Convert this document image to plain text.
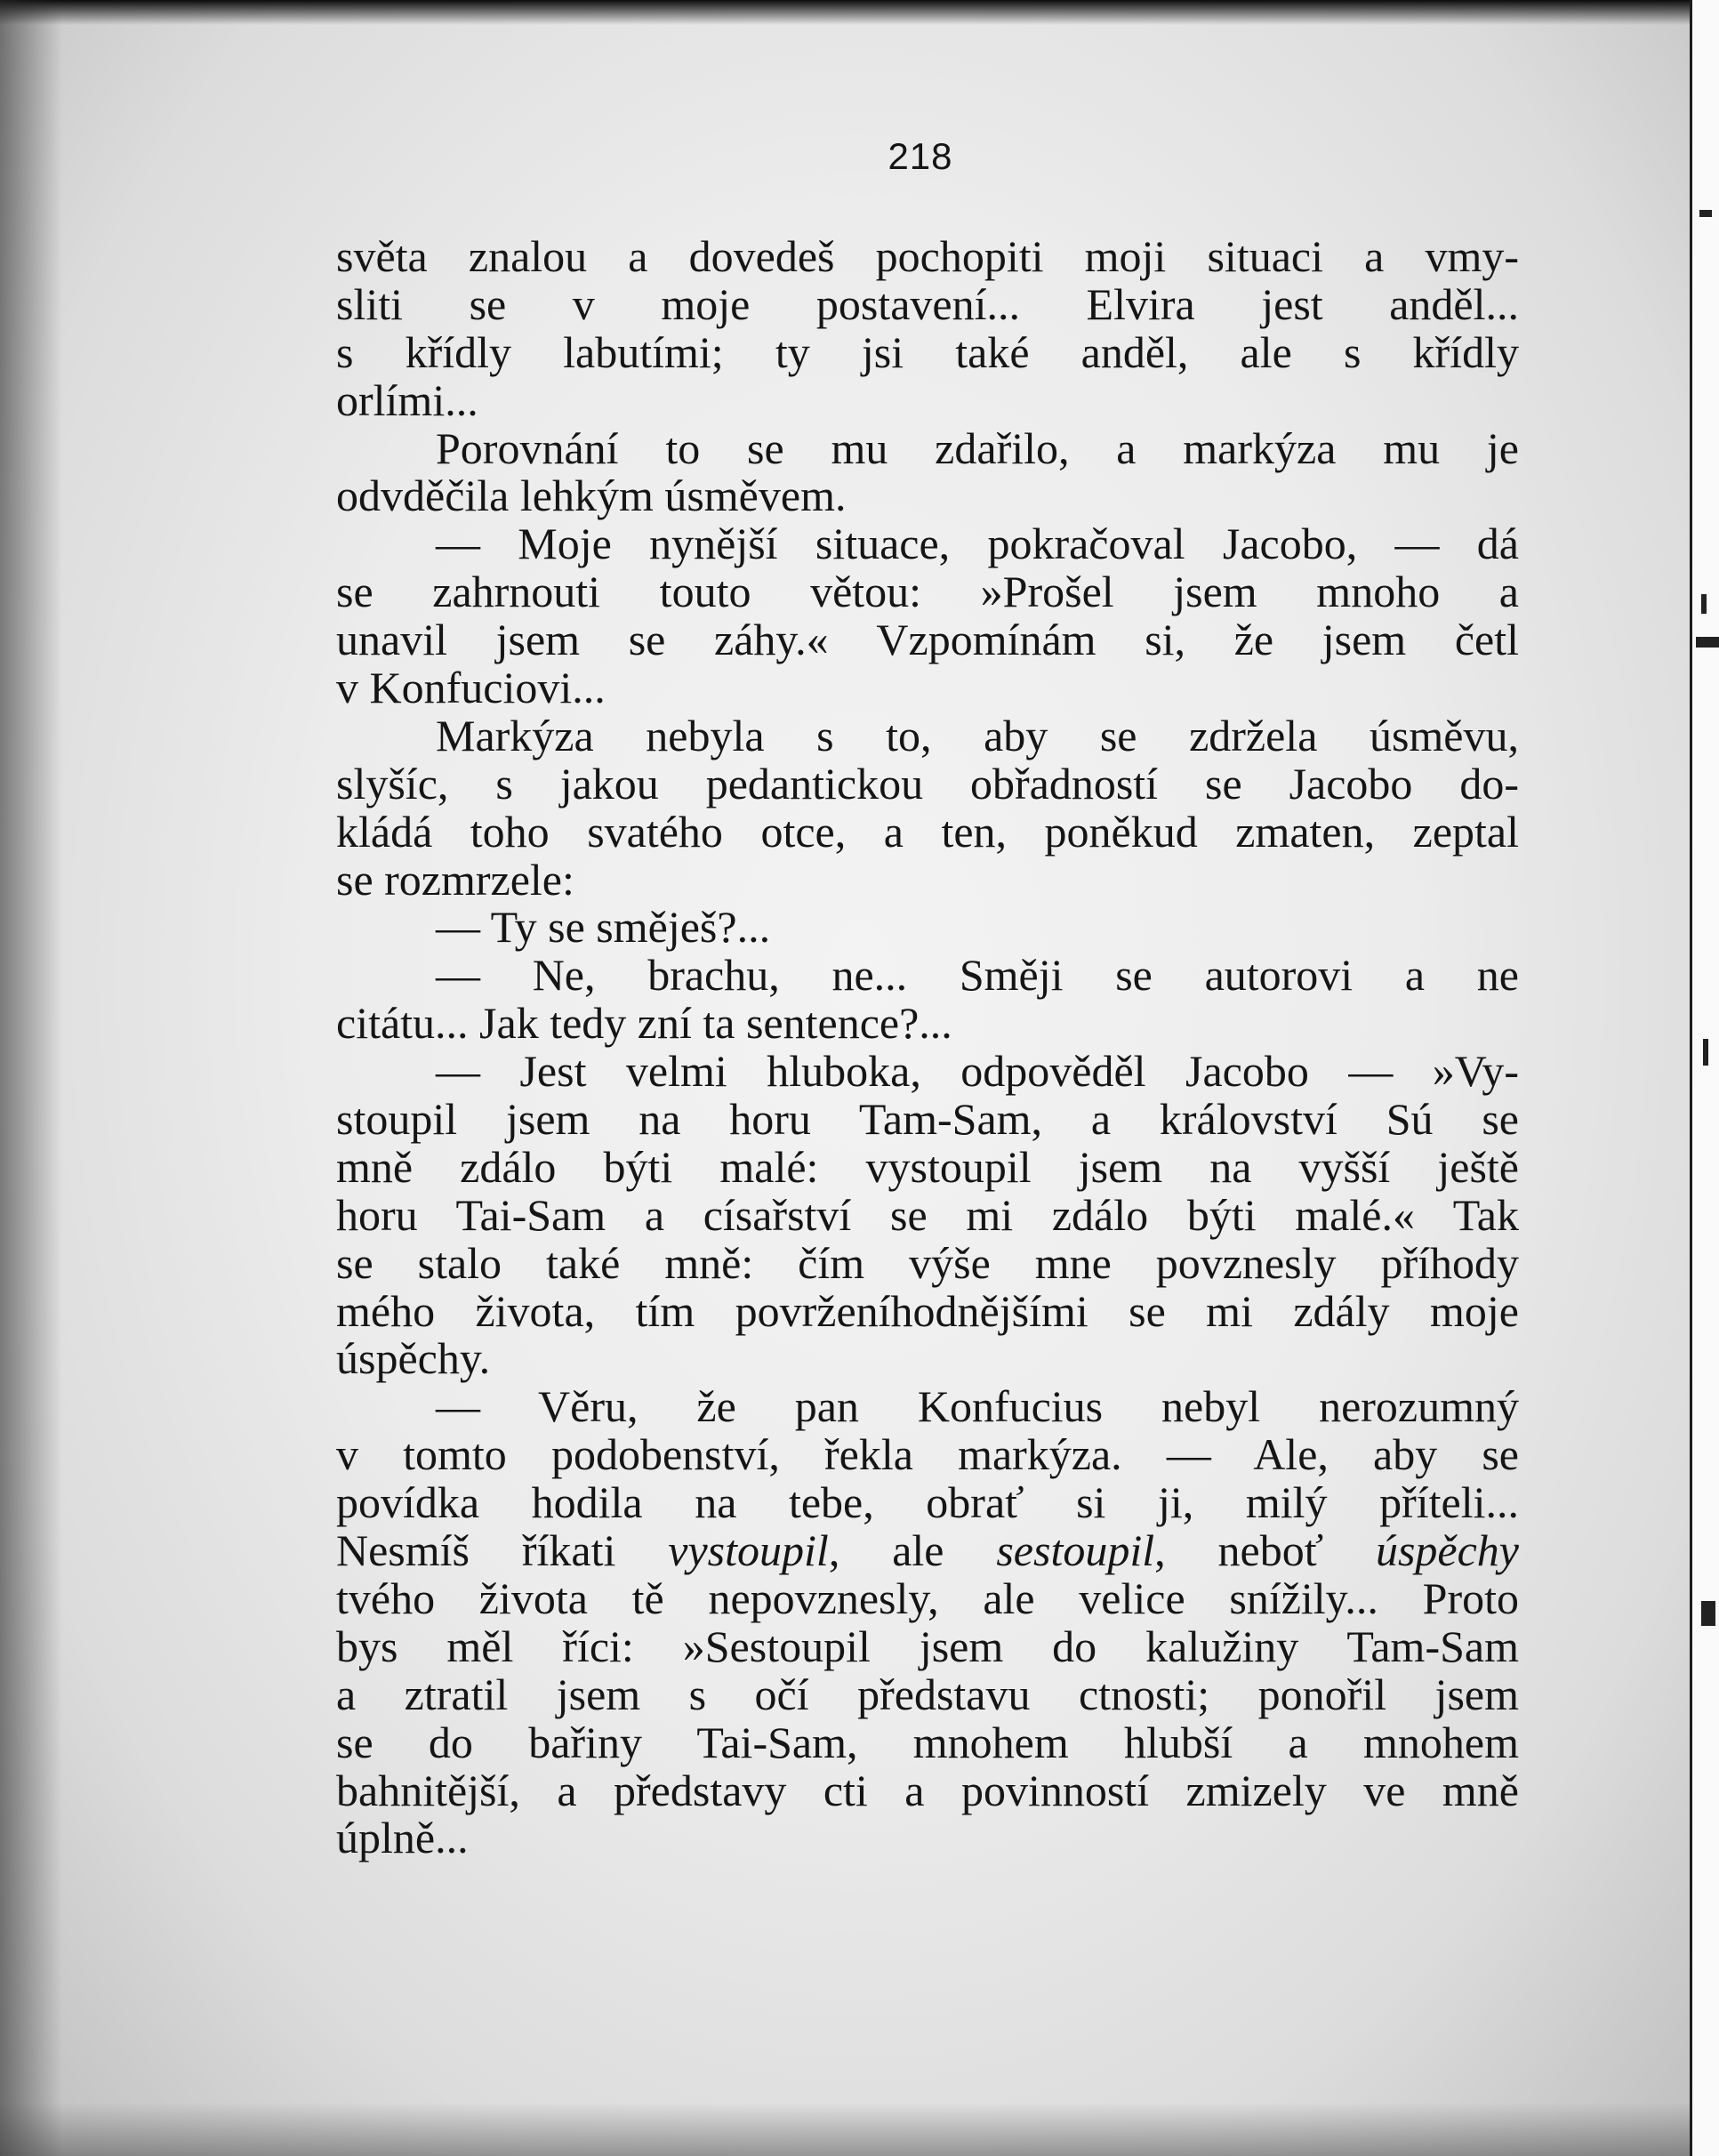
218
světa znalou a dovedeš pochopiti moji situaci a vmy-
sliti se v moje postavení... Elvira jest anděl...
s křídly labutími; ty jsi také anděl, ale s křídly
orlími...
Porovnání to se mu zdařilo, a markýza mu je
odvděčila lehkým úsměvem.
— Moje nynější situace, pokračoval Jacobo, — dá
se zahrnouti touto větou: »Prošel jsem mnoho a
unavil jsem se záhy.« Vzpomínám si, že jsem četl
v Konfuciovi...
Markýza nebyla s to, aby se zdržela úsměvu,
slyšíc, s jakou pedantickou obřadností se Jacobo do-
kládá toho svatého otce, a ten, poněkud zmaten, zeptal
se rozmrzele:
— Ty se směješ?...
— Ne, brachu, ne... Směji se autorovi a ne
citátu... Jak tedy zní ta sentence?...
— Jest velmi hluboka, odpověděl Jacobo — »Vy-
stoupil jsem na horu Tam-Sam, a království Sú se
mně zdálo býti malé: vystoupil jsem na vyšší ještě
horu Tai-Sam a císařství se mi zdálo býti malé.« Tak
se stalo také mně: čím výše mne povznesly příhody
mého života, tím povrženíhodnějšími se mi zdály moje
úspěchy.
— Věru, že pan Konfucius nebyl nerozumný
v tomto podobenství, řekla markýza. — Ale, aby se
povídka hodila na tebe, obrať si ji, milý příteli...
Nesmíš říkati vystoupil, ale sestoupil, neboť úspěchy
tvého života tě nepovznesly, ale velice snížily... Proto
bys měl říci: »Sestoupil jsem do kalužiny Tam-Sam
a ztratil jsem s očí představu ctnosti; ponořil jsem
se do bařiny Tai-Sam, mnohem hlubší a mnohem
bahnitější, a představy cti a povinností zmizely ve mně
úplně...
